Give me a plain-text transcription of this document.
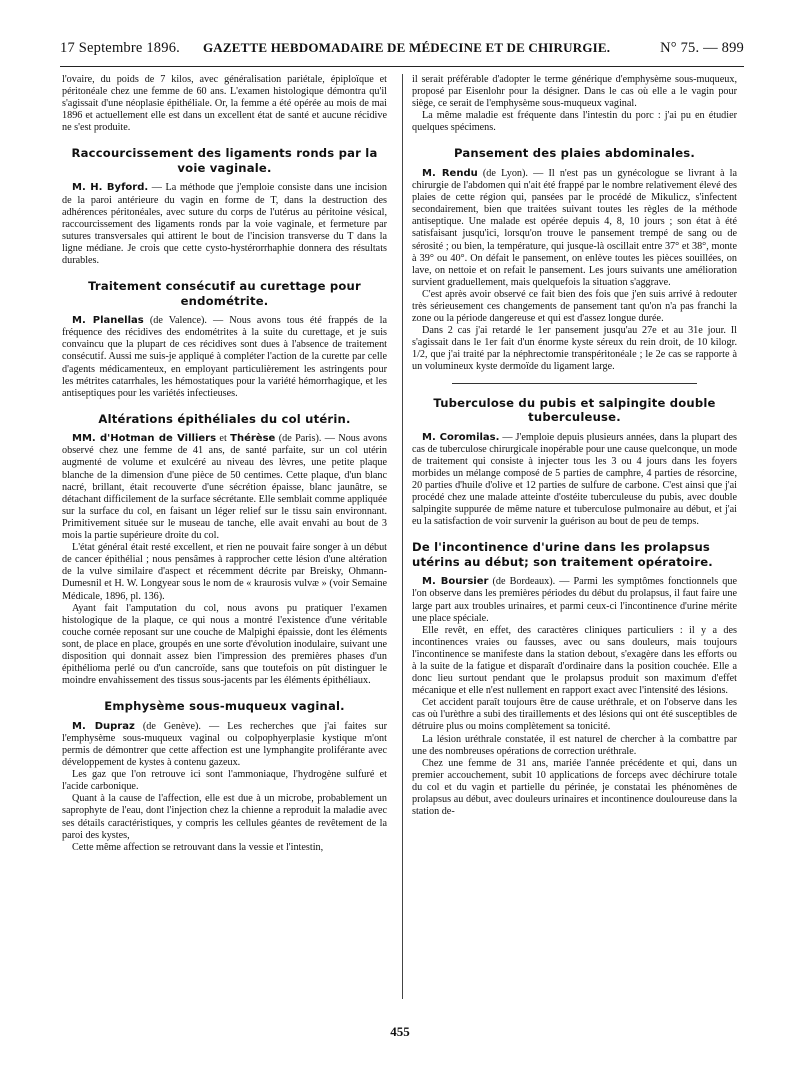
17 Septembre 1896. GAZETTE HEBDOMADAIRE DE MÉDECINE ET DE CHIRURGIE.	N° 75. — 899

l'ovaire, du poids de 7 kilos, avec généralisation pariétale, épiploïque et péritonéale chez une femme de 60 ans. L'examen histologique démontra qu'il s'agissait d'une néoplasie épithéliale. Or, la femme a été opérée au mois de mai 1896 et actuellement elle est dans un excellent état de santé et aucune récidive ne s'est produite.

Raccourcissement des ligaments ronds par la voie vaginale.

M. H. Byford. — La méthode que j'emploie consiste dans une incision de la paroi antérieure du vagin en forme de T, dans la destruction des adhérences péritonéales, avec suture du corps de l'utérus au péritoine vésical, raccourcissement des ligaments ronds par la voie vaginale, et fermeture par sutures transversales qui attirent le bout de l'incision transverse du T dans la ligne médiane. Je crois que cette cysto-hystérorrhaphie donnera des résultats durables.

Traitement consécutif au curettage pour endométrite.

M. Planellas (de Valence). — Nous avons tous été frappés de la fréquence des récidives des endométrites à la suite du curettage, et je suis convaincu que la plupart de ces récidives sont dues à l'absence de traitement consécutif. Aussi me suis-je appliqué à compléter l'action de la curette par celle d'agents médicamenteux, en employant particulièrement les astringents pour les métrites catarrhales, les hémostatiques pour la variété hémorrhagique, et les antiseptiques pour les variétés infectieuses.

Altérations épithéliales du col utérin.

MM. d'Hotman de Villiers et Thérèse (de Paris). — Nous avons observé chez une femme de 41 ans, de santé parfaite, sur un col utérin augmenté de volume et exulcéré au niveau des lèvres, une petite plaque blanche de la dimension d'une pièce de 50 centimes. Cette plaque, d'un blanc nacré, brillant, était recouverte d'une sécrétion épaisse, blanc jaunâtre, se détachant difficilement de la surface sécrétante. Elle semblait comme appliquée sur la surface du col, en faisant un léger relief sur le tissu sain environnant. Primitivement située sur le museau de tanche, elle avait envahi au bout de 3 mois la partie supérieure droite du col.

L'état général était resté excellent, et rien ne pouvait faire songer à un début de cancer épithélial ; nous pensâmes à rapprocher cette lésion d'une altération de la vulve similaire d'aspect et récemment décrite par Breisky, Ohmann-Dumesnil et H. W. Longyear sous le nom de « kraurosis vulvæ » (voir Semaine Médicale, 1896, pl. 136).

Ayant fait l'amputation du col, nous avons pu pratiquer l'examen histologique de la plaque, ce qui nous a montré l'existence d'une véritable couche cornée reposant sur une couche de Malpighi épaissie, dont les éléments sont, de place en place, groupés en une sorte d'évolution inodulaire, suivant une disposition qui donnait assez bien l'impression des premières phases d'un épithélioma perlé ou d'un cancroïde, sans que toutefois on pût distinguer le moindre envahissement des tissus sous-jacents par les éléments épithéliaux.

Emphysème sous-muqueux vaginal.

M. Dupraz (de Genève). — Les recherches que j'ai faites sur l'emphysème sous-muqueux vaginal ou colpophyerplasie kystique m'ont permis de démontrer que cette affection est une lymphangite proliférante avec développement de kystes à contenu gazeux.

Les gaz que l'on retrouve ici sont l'ammoniaque, l'hydrogène sulfuré et l'acide carbonique.

Quant à la cause de l'affection, elle est due à un microbe, probablement un saprophyte de l'eau, dont l'injection chez la chienne a reproduit la maladie avec ses détails caractéristiques, y compris les cellules géantes de revêtement de la paroi des kystes,

Cette même affection se retrouvant dans la vessie et l'intestin,

il serait préférable d'adopter le terme générique d'emphysème sous-muqueux, proposé par Eisenlohr pour la désigner. Dans le cas où elle a le vagin pour siège, ce serait de l'emphysème sous-muqueux vaginal.

La même maladie est fréquente dans l'intestin du porc : j'ai pu en étudier quelques spécimens.

Pansement des plaies abdominales.

M. Rendu (de Lyon). — Il n'est pas un gynécologue se livrant à la chirurgie de l'abdomen qui n'ait été frappé par le nombre relativement élevé des plaies de cette région qui, pansées par le procédé de Mikulicz, s'infectent secondairement, bien que traitées suivant toutes les règles de la méthode antiseptique. Une malade est opérée depuis 4, 8, 10 jours ; son état à été satisfaisant jusqu'ici, lorsqu'on trouve le pansement trempé de sang ou de sérosité ; ou bien, la température, qui jusque-là oscillait entre 37° et 38°, monte à 39° ou 40°. On défait le pansement, on enlève toutes les pièces souillées, on lave, on nettoie et on refait le pansement. Les jours suivants une amélioration survient graduellement, mais quelquefois la situation s'aggrave.

C'est après avoir observé ce fait bien des fois que j'en suis arrivé à redouter très sérieusement ces changements de pansement tant qu'on n'a pas franchi la zone ou la période dangereuse et qui est d'assez longue durée.

Dans 2 cas j'ai retardé le 1er pansement jusqu'au 27e et au 31e jour. Il s'agissait dans le 1er fait d'un énorme kyste séreux du rein droit, de 10 kilogr. 1/2, que j'ai traité par la néphrectomie transpéritonéale ; le 2e cas se rapporte à un volumineux kyste dermoïde du ligament large.

Tuberculose du pubis et salpingite double tuberculeuse.

M. Coromilas. — J'emploie depuis plusieurs années, dans la plupart des cas de tuberculose chirurgicale inopérable pour une cause quelconque, un mode de traitement qui consiste à injecter tous les 3 ou 4 jours dans les foyers morbides un mélange composé de 5 parties de camphre, 4 parties de résorcine, 20 parties d'huile d'olive et 12 parties de sulfure de carbone. C'est ainsi que j'ai procédé chez une malade atteinte d'ostéite tuberculeuse du pubis, avec double salpingite suppurée de même nature et tuberculose pulmonaire au début, et j'ai eu la satisfaction de voir survenir la guérison au bout de peu de temps.

De l'incontinence d'urine dans les prolapsus utérins au début; son traitement opératoire.

M. Boursier (de Bordeaux). — Parmi les symptômes fonctionnels que l'on observe dans les premières périodes du début du prolapsus, il faut faire une large part aux troubles urinaires, et parmi ceux-ci l'incontinence d'urine mérite une place spéciale.

Elle revêt, en effet, des caractères cliniques particuliers : il y a des incontinences vraies ou fausses, avec ou sans douleurs, mais toujours l'incontinence se manifeste dans la station debout, s'exagère dans les efforts ou à la suite de la fatigue et disparaît d'ordinaire dans la position couchée. Elle a donc lieu surtout pendant que le prolapsus produit son maximum d'effet mécanique et elle n'est nullement en rapport exact avec l'intensité des lésions.

Cet accident paraît toujours être de cause uréthrale, et on l'observe dans les cas où l'urèthre a subi des tiraillements et des lésions qui ont été susceptibles de détruire plus ou moins complètement sa tonicité.

La lésion uréthrale constatée, il est naturel de chercher à la combattre par une des nombreuses opérations de correction uréthrale.

Chez une femme de 31 ans, mariée l'année précédente et qui, dans un premier accouchement, subit 10 applications de forceps avec déchirure totale du col et du vagin et partielle du périnée, je constatai les phénomènes de prolapsus au début, avec douleurs urinaires et incontinence douloureuse dans la station de-

455
